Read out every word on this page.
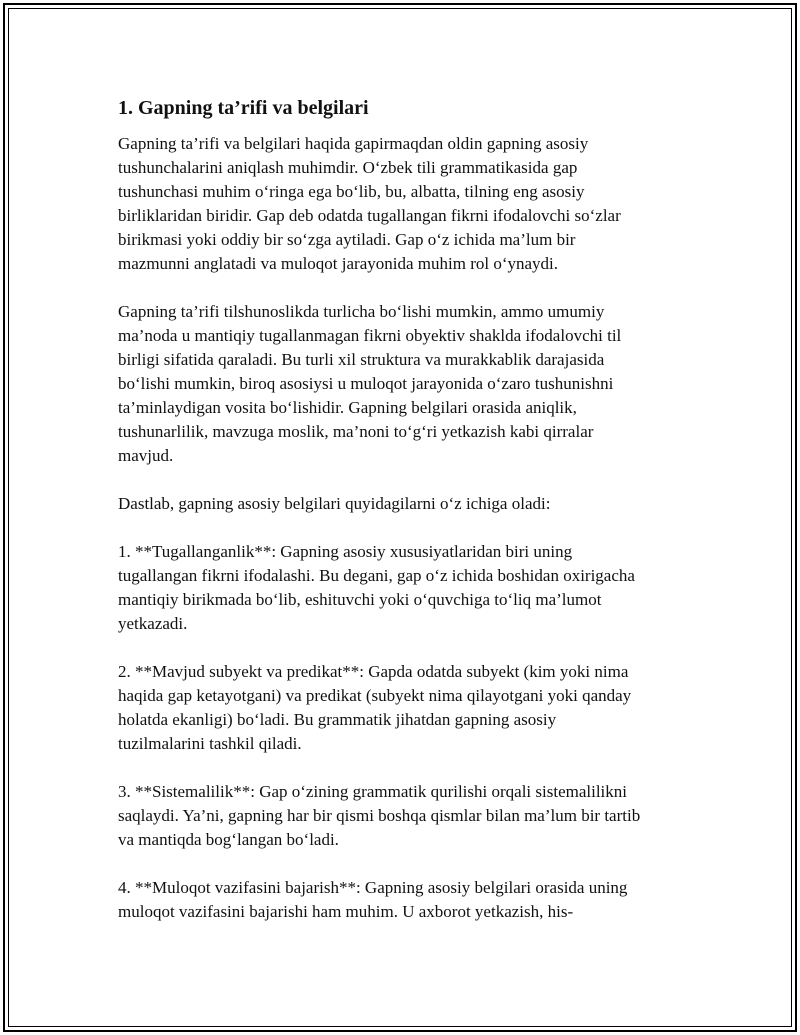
1. Gapning ta’rifi va belgilari

Gapning ta’rifi va belgilari haqida gapirmaqdan oldin gapning asosiy
tushunchalarini aniqlash muhimdir. O‘zbek tili grammatikasida gap
tushunchasi muhim o‘ringa ega bo‘lib, bu, albatta, tilning eng asosiy
birliklaridan biridir. Gap deb odatda tugallangan fikrni ifodalovchi so‘zlar
birikmasi yoki oddiy bir so‘zga aytiladi. Gap o‘z ichida ma’lum bir
mazmunni anglatadi va muloqot jarayonida muhim rol o‘ynaydi.

Gapning ta’rifi tilshunoslikda turlicha bo‘lishi mumkin, ammo umumiy
ma’noda u mantiqiy tugallanmagan fikrni obyektiv shaklda ifodalovchi til
birligi sifatida qaraladi. Bu turli xil struktura va murakkablik darajasida
bo‘lishi mumkin, biroq asosiysi u muloqot jarayonida o‘zaro tushunishni
ta’minlaydigan vosita bo‘lishidir. Gapning belgilari orasida aniqlik,
tushunarlilik, mavzuga moslik, ma’noni to‘g‘ri yetkazish kabi qirralar
mavjud.

Dastlab, gapning asosiy belgilari quyidagilarni o‘z ichiga oladi:

1. **Tugallanganlik**: Gapning asosiy xususiyatlaridan biri uning
tugallangan fikrni ifodalashi. Bu degani, gap o‘z ichida boshidan oxirigacha
mantiqiy birikmada bo‘lib, eshituvchi yoki o‘quvchiga to‘liq ma’lumot
yetkazadi.

2. **Mavjud subyekt va predikat**: Gapda odatda subyekt (kim yoki nima
haqida gap ketayotgani) va predikat (subyekt nima qilayotgani yoki qanday
holatda ekanligi) bo‘ladi. Bu grammatik jihatdan gapning asosiy
tuzilmalarini tashkil qiladi.

3. **Sistemalilik**: Gap o‘zining grammatik qurilishi orqali sistemalilikni
saqlaydi. Ya’ni, gapning har bir qismi boshqa qismlar bilan ma’lum bir tartib
va mantiqda bog‘langan bo‘ladi.

4. **Muloqot vazifasini bajarish**: Gapning asosiy belgilari orasida uning
muloqot vazifasini bajarishi ham muhim. U axborot yetkazish, his-
